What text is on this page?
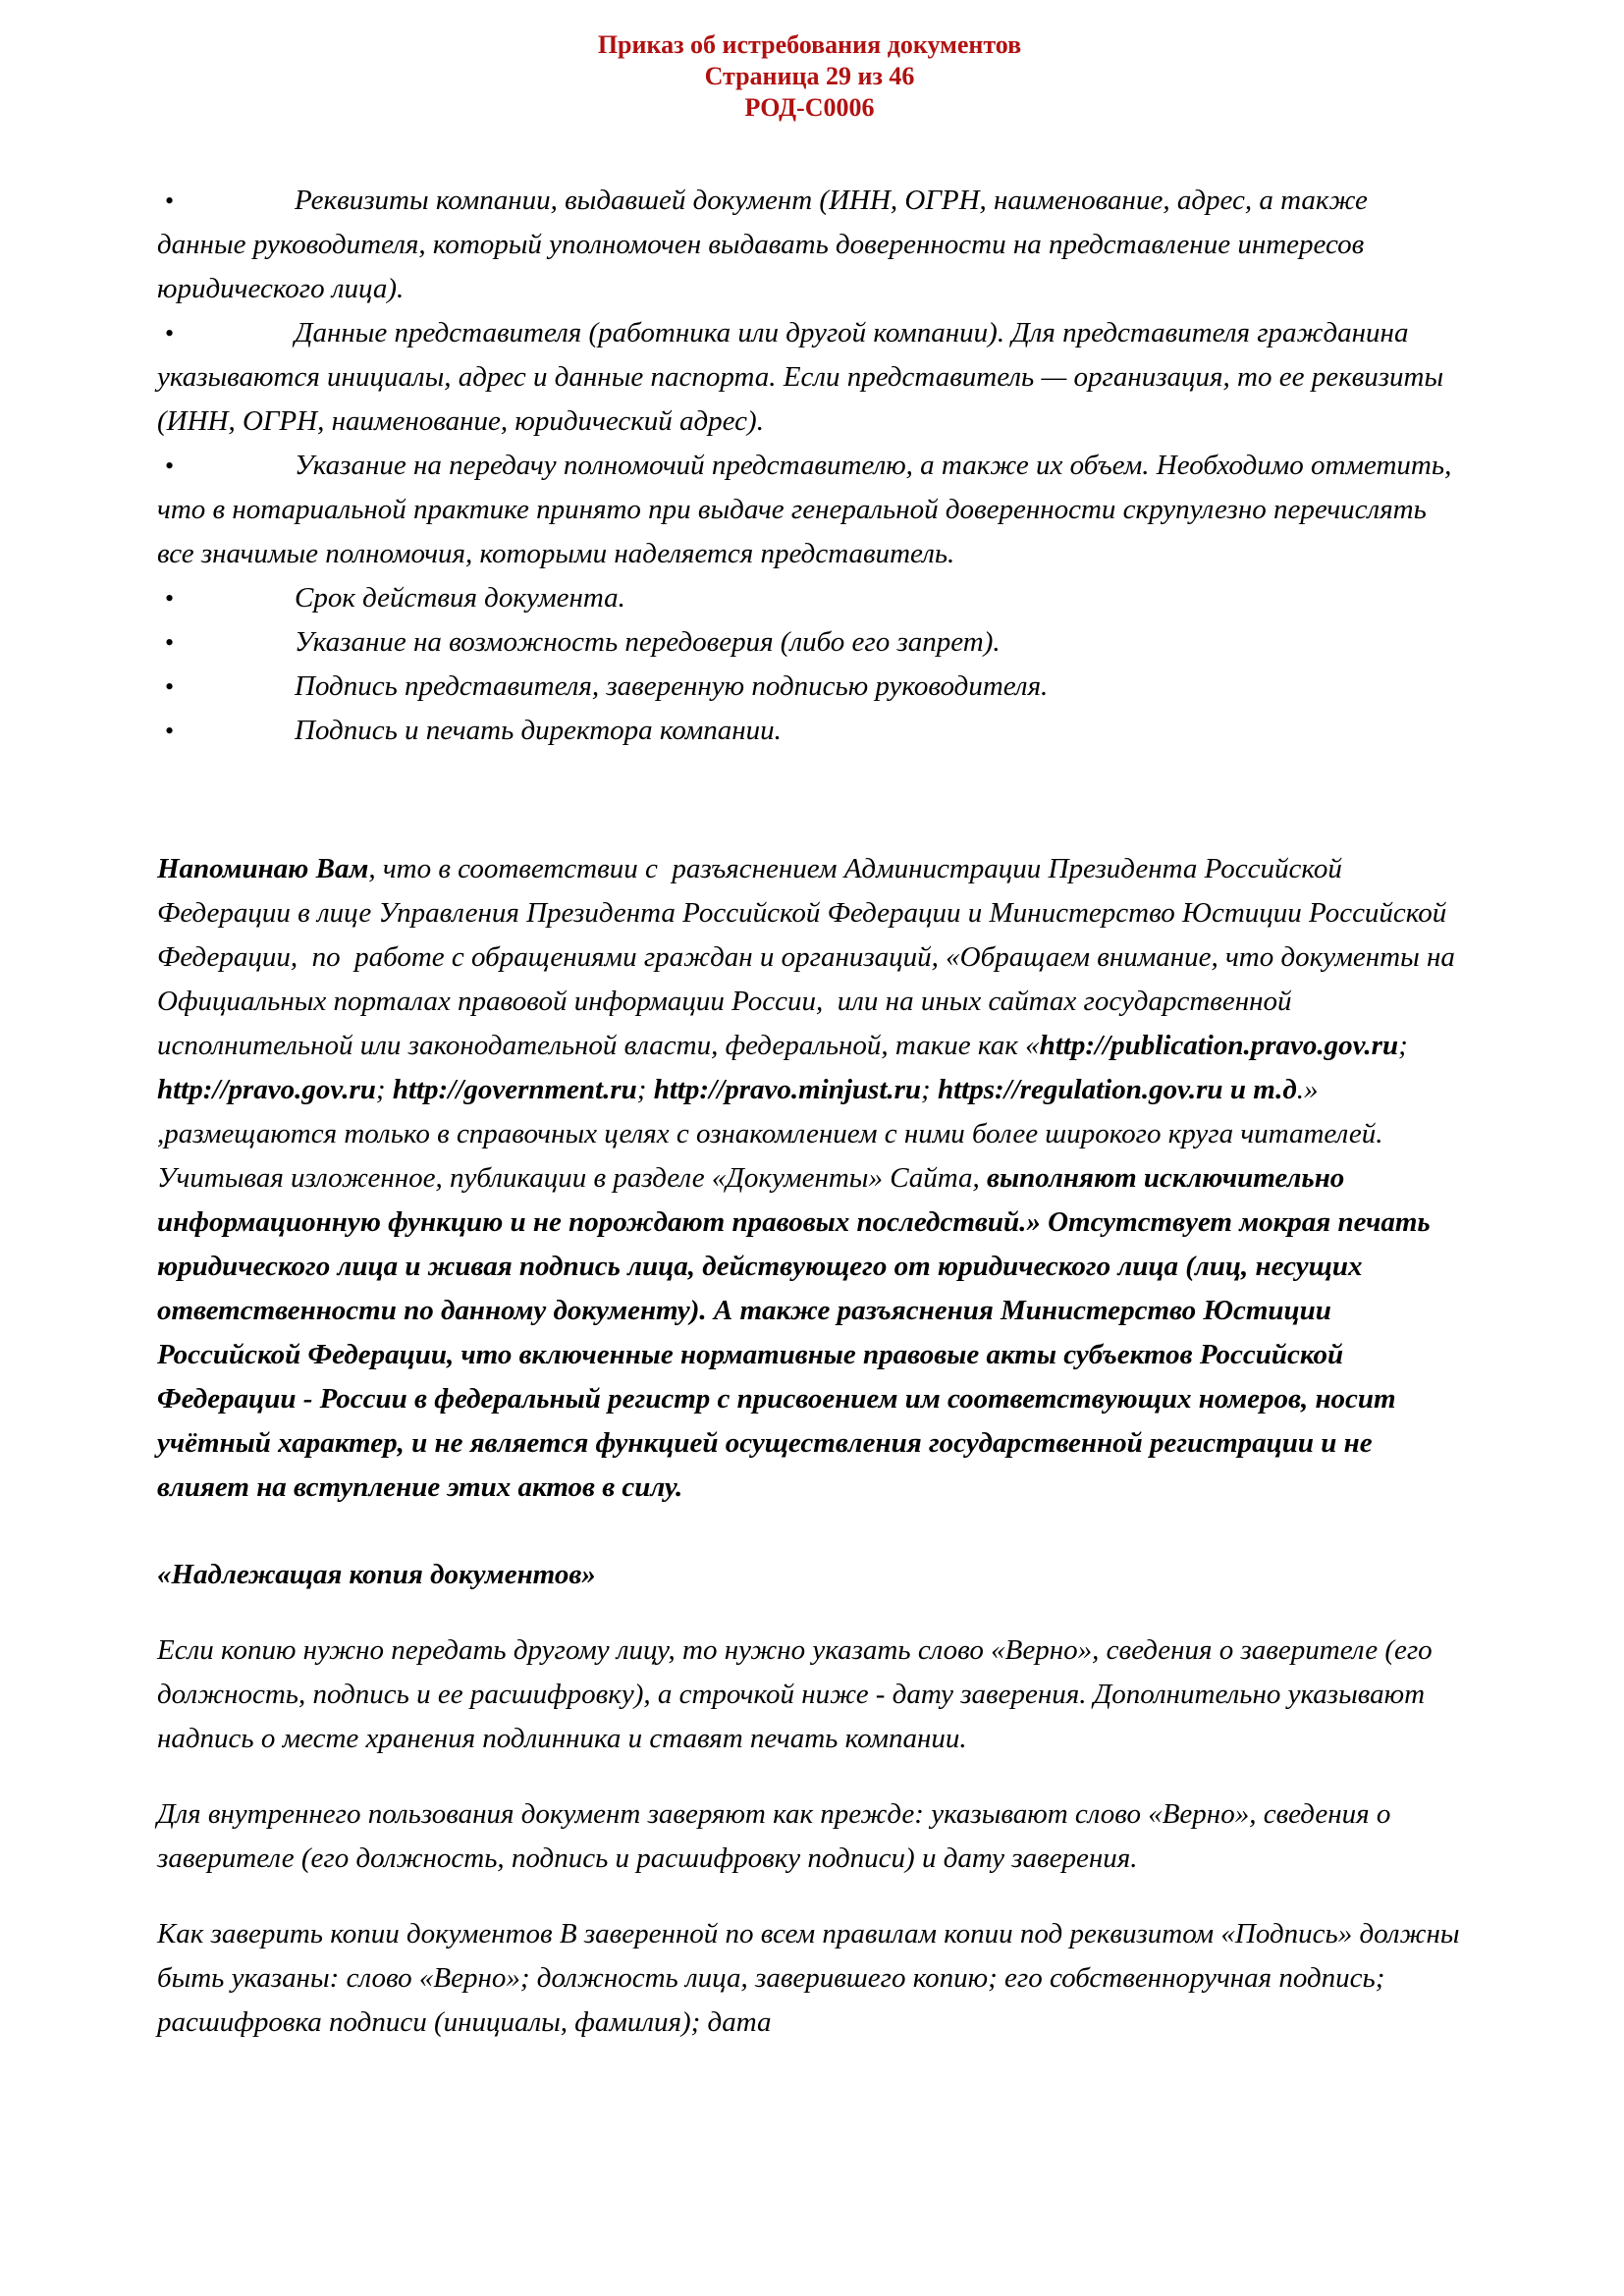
Приказ об истребования документов
Страница 29 из 46
РОД-С0006
• Реквизиты компании, выдавшей документ (ИНН, ОГРН, наименование, адрес, а также данные руководителя, который уполномочен выдавать доверенности на представление интересов юридического лица).
• Данные представителя (работника или другой компании). Для представителя гражданина указываются инициалы, адрес и данные паспорта. Если представитель — организация, то ее реквизиты (ИНН, ОГРН, наименование, юридический адрес).
• Указание на передачу полномочий представителю, а также их объем. Необходимо отметить, что в нотариальной практике принято при выдаче генеральной доверенности скрупулезно перечислять все значимые полномочия, которыми наделяется представитель.
• Срок действия документа.
• Указание на возможность передоверия (либо его запрет).
• Подпись представителя, заверенную подписью руководителя.
• Подпись и печать директора компании.

Напоминаю Вам, что в соответствии с  разъяснением Администрации Президента Российской Федерации в лице Управления Президента Российской Федерации и Министерство Юстиции Российской Федерации,  по  работе с обращениями граждан и организаций, «Обращаем внимание, что документы на Официальных порталах правовой информации России,  или на иных сайтах государственной исполнительной или законодательной власти, федеральной, такие как «http://publication.pravo.gov.ru; http://pravo.gov.ru; http://government.ru; http://pravo.minjust.ru; https://regulation.gov.ru и т.д.» ,размещаются только в справочных целях с ознакомлением с ними более широкого круга читателей. Учитывая изложенное, публикации в разделе «Документы» Сайта, выполняют исключительно информационную функцию и не порождают правовых последствий.» Отсутствует мокрая печать юридического лица и живая подпись лица, действующего от юридического лица (лиц, несущих ответственности по данному документу). А также разъяснения Министерство Юстиции Российской Федерации, что включенные нормативные правовые акты субъектов Российской Федерации - России в федеральный регистр с присвоением им соответствующих номеров, носит учётный характер, и не является функцией осуществления государственной регистрации и не влияет на вступление этих актов в силу.

«Надлежащая копия документов»

Если копию нужно передать другому лицу, то нужно указать слово «Верно», сведения о заверителе (его должность, подпись и ее расшифровку), а строчкой ниже - дату заверения. Дополнительно указывают надпись о месте хранения подлинника и ставят печать компании.

Для внутреннего пользования документ заверяют как прежде: указывают слово «Верно», сведения о заверителе (его должность, подпись и расшифровку подписи) и дату заверения.

Как заверить копии документов В заверенной по всем правилам копии под реквизитом «Подпись» должны быть указаны: слово «Верно»; должность лица, заверившего копию; его собственноручная подпись; расшифровка подписи (инициалы, фамилия); дата
